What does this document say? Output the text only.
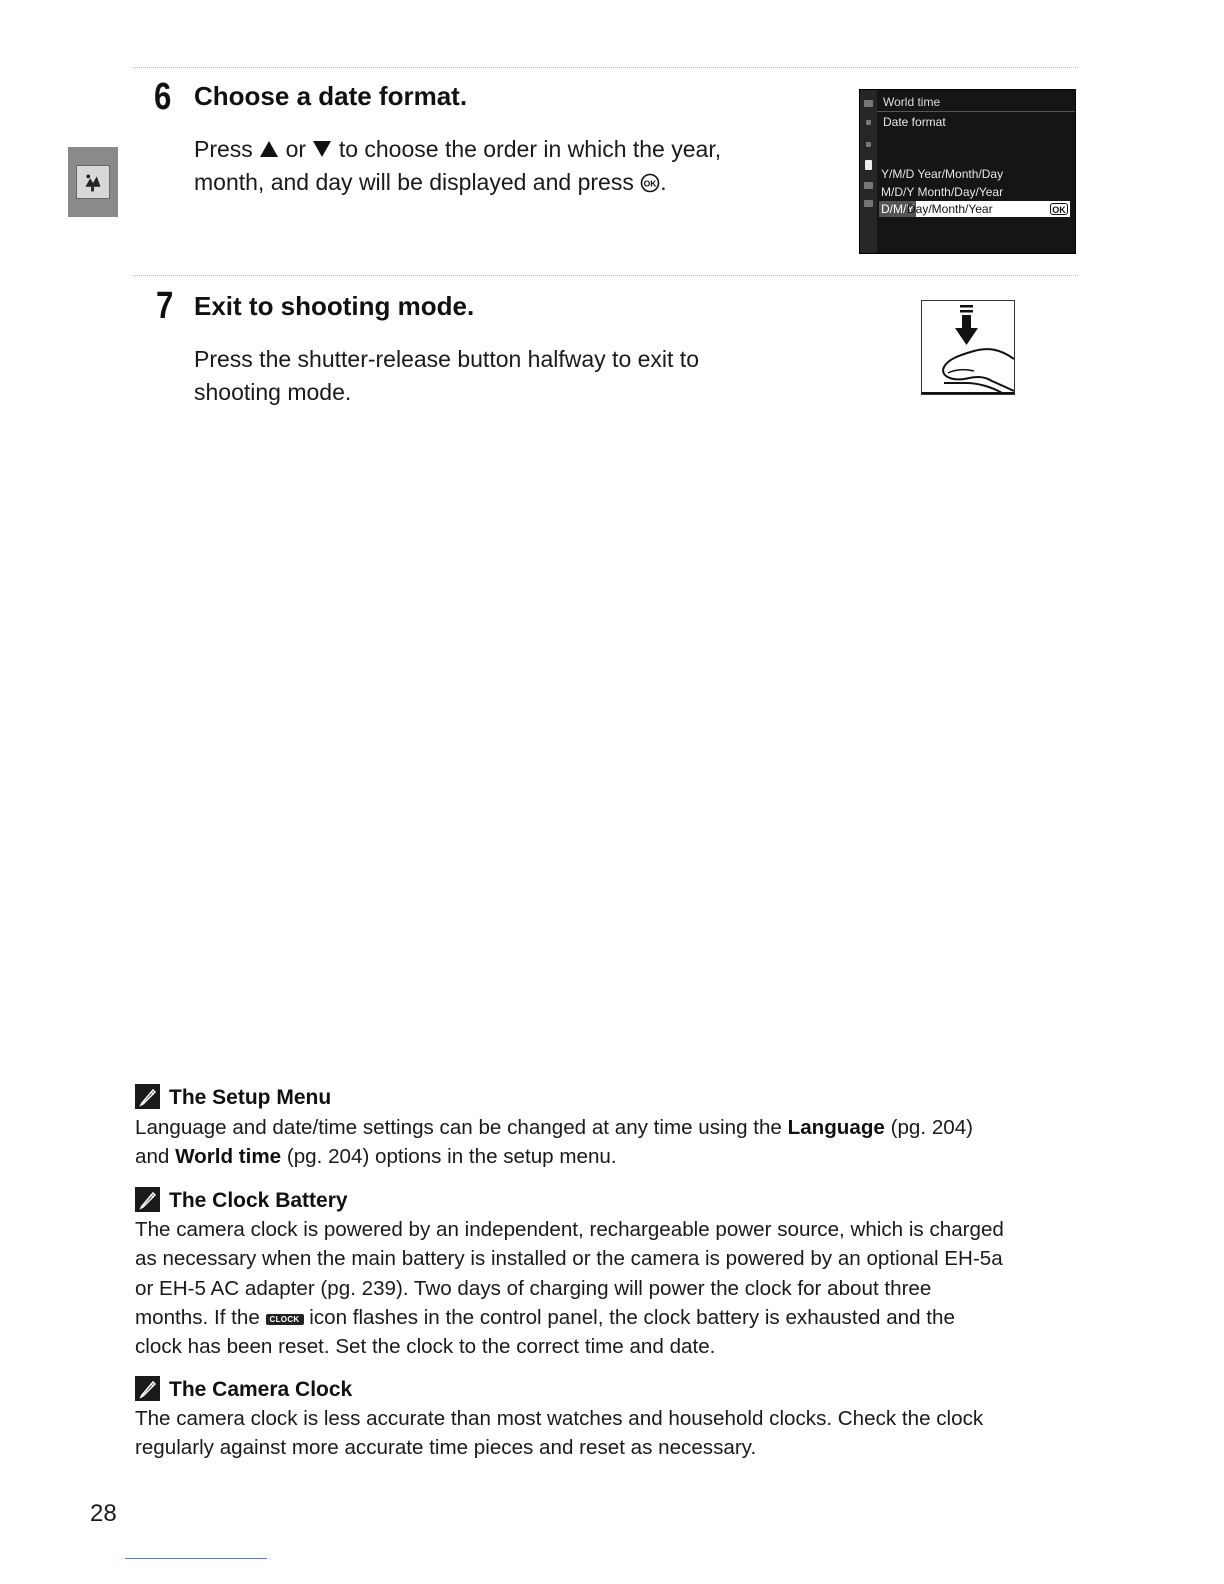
6 Choose a date format.
Press or to choose the order in which the year,
month, and day will be displayed and press OK .
World time
Date format
Y/M/D Year/Month/Day
M/D/Y Month/Day/Year
D/M/Y
Day/Month/Year	OK
7 Exit to shooting mode.
Press the shutter-release button halfway to exit to
shooting mode.
The Setup Menu
Language and date/time settings can be changed at any time using the Language (pg. 204)
and World time (pg. 204) options in the setup menu.
The Clock Battery
The camera clock is powered by an independent, rechargeable power source, which is charged
as necessary when the main battery is installed or the camera is powered by an optional EH-5a
or EH-5 AC adapter (pg. 239). Two days of charging will power the clock for about three
months. If the CLOCK icon flashes in the control panel, the clock battery is exhausted and the
clock has been reset. Set the clock to the correct time and date.
The Camera Clock
The camera clock is less accurate than most watches and household clocks. Check the clock
regularly against more accurate time pieces and reset as necessary.
28
